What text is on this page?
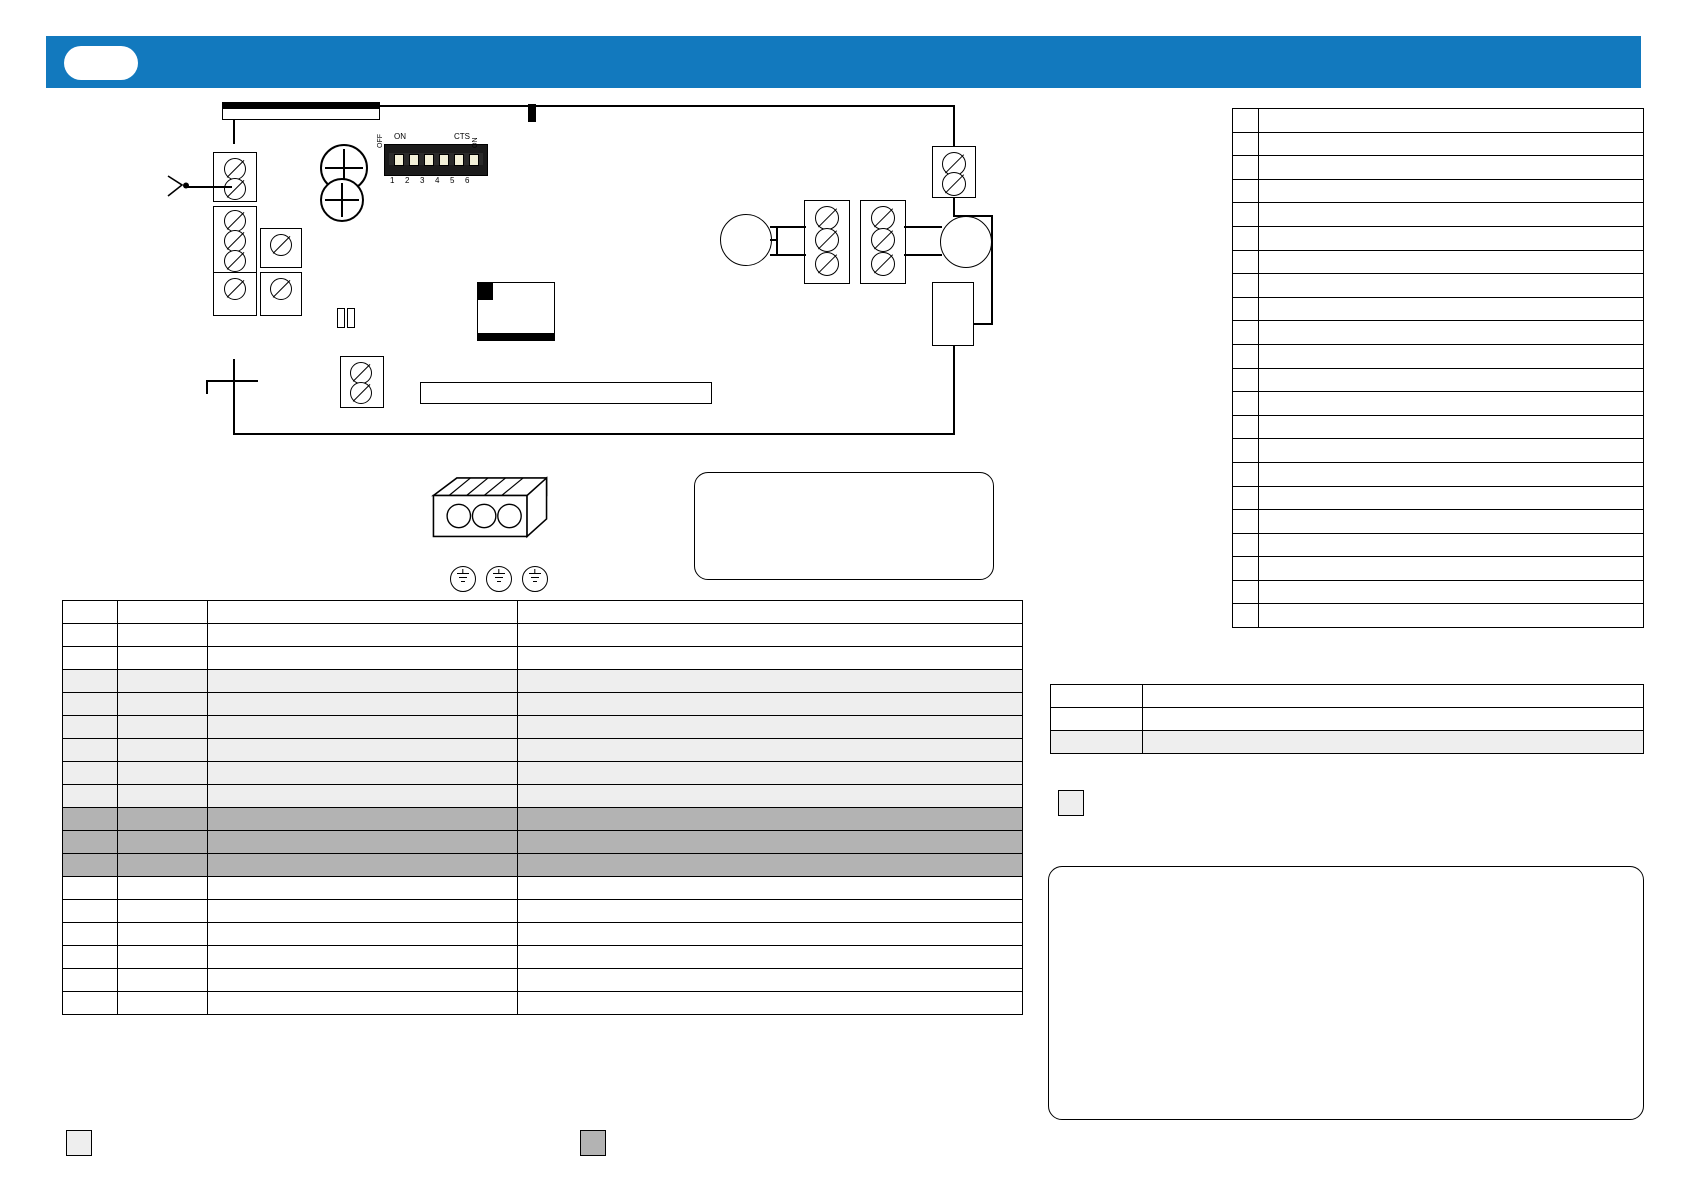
ON	CTS
OFF	ON
1 2 3 4 5 6
